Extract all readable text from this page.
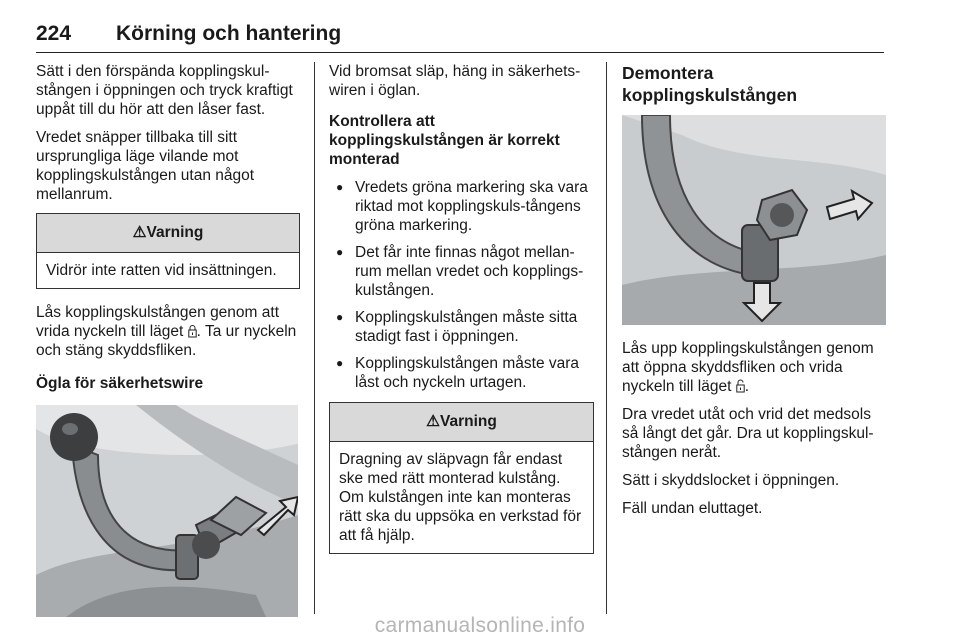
224 Körning och hantering

Sätt i den förspända kopplingskul-stången i öppningen och tryck kraftigt uppåt till du hör att den låser fast.

Vredet snäpper tillbaka till sitt ursprungliga läge vilande mot kopplingskulstången utan något mellanrum.

⚠Varning
Vidrör inte ratten vid insättningen.

Lås kopplingskulstången genom att vrida nyckeln till läget . Ta ur nyckeln och stäng skyddsfliken.

Ögla för säkerhetswire

Vid bromsat släp, häng in säkerhets-wiren i öglan.

Kontrollera att kopplingskulstången är korrekt monterad

● Vredets gröna markering ska vara riktad mot kopplingskuls-tångens gröna markering.
● Det får inte finnas något mellan-rum mellan vredet och kopplings-kulstången.
● Kopplingskulstången måste sitta stadigt fast i öppningen.
● Kopplingskulstången måste vara låst och nyckeln urtagen.
⚠Varning
Dragning av släpvagn får endast ske med rätt monterad kulstång. Om kulstången inte kan monteras rätt ska du uppsöka en verkstad för att få hjälp.

Demontera kopplingskulstången

Lås upp kopplingskulstången genom att öppna skyddsfliken och vrida nyckeln till läget .

Dra vredet utåt och vrid det medsols så långt det går. Dra ut kopplingskul-stången neråt.

Sätt i skyddslocket i öppningen.

Fäll undan eluttaget.

carmanualsonline.info
